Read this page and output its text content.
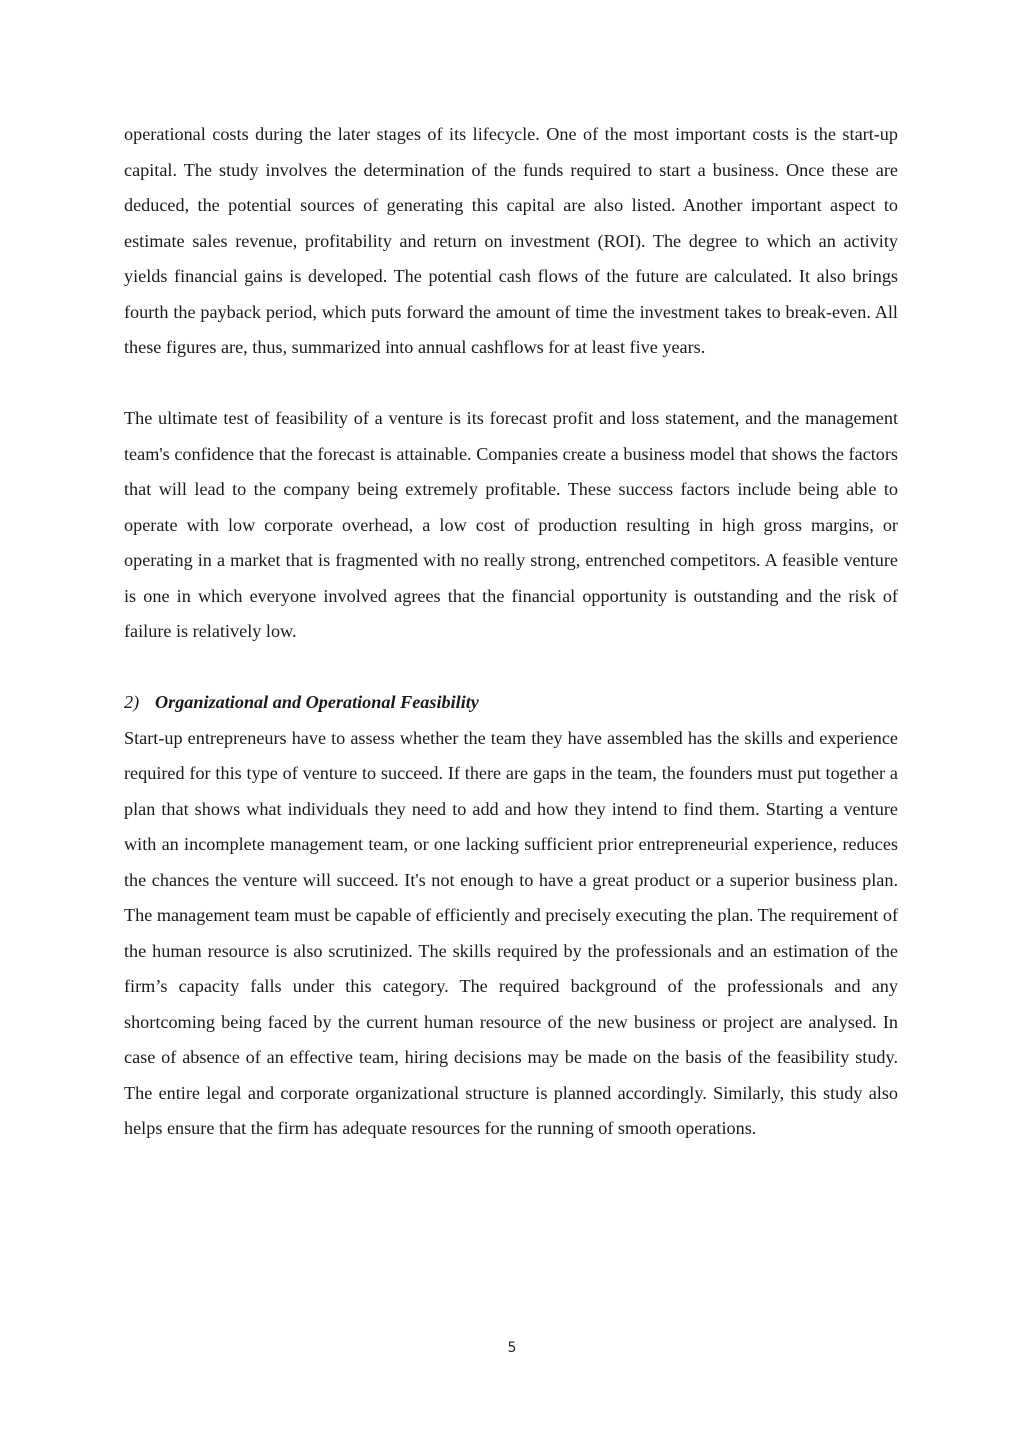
operational costs during the later stages of its lifecycle. One of the most important costs is the start-up capital. The study involves the determination of the funds required to start a business. Once these are deduced, the potential sources of generating this capital are also listed. Another important aspect to estimate sales revenue, profitability and return on investment (ROI). The degree to which an activity yields financial gains is developed. The potential cash flows of the future are calculated. It also brings fourth the payback period, which puts forward the amount of time the investment takes to break-even. All these figures are, thus, summarized into annual cashflows for at least five years.

The ultimate test of feasibility of a venture is its forecast profit and loss statement, and the management team's confidence that the forecast is attainable. Companies create a business model that shows the factors that will lead to the company being extremely profitable. These success factors include being able to operate with low corporate overhead, a low cost of production resulting in high gross margins, or operating in a market that is fragmented with no really strong, entrenched competitors. A feasible venture is one in which everyone involved agrees that the financial opportunity is outstanding and the risk of failure is relatively low.

2) Organizational and Operational Feasibility

Start-up entrepreneurs have to assess whether the team they have assembled has the skills and experience required for this type of venture to succeed. If there are gaps in the team, the founders must put together a plan that shows what individuals they need to add and how they intend to find them. Starting a venture with an incomplete management team, or one lacking sufficient prior entrepreneurial experience, reduces the chances the venture will succeed. It's not enough to have a great product or a superior business plan. The management team must be capable of efficiently and precisely executing the plan. The requirement of the human resource is also scrutinized. The skills required by the professionals and an estimation of the firm’s capacity falls under this category. The required background of the professionals and any shortcoming being faced by the current human resource of the new business or project are analysed. In case of absence of an effective team, hiring decisions may be made on the basis of the feasibility study. The entire legal and corporate organizational structure is planned accordingly. Similarly, this study also helps ensure that the firm has adequate resources for the running of smooth operations.

5
